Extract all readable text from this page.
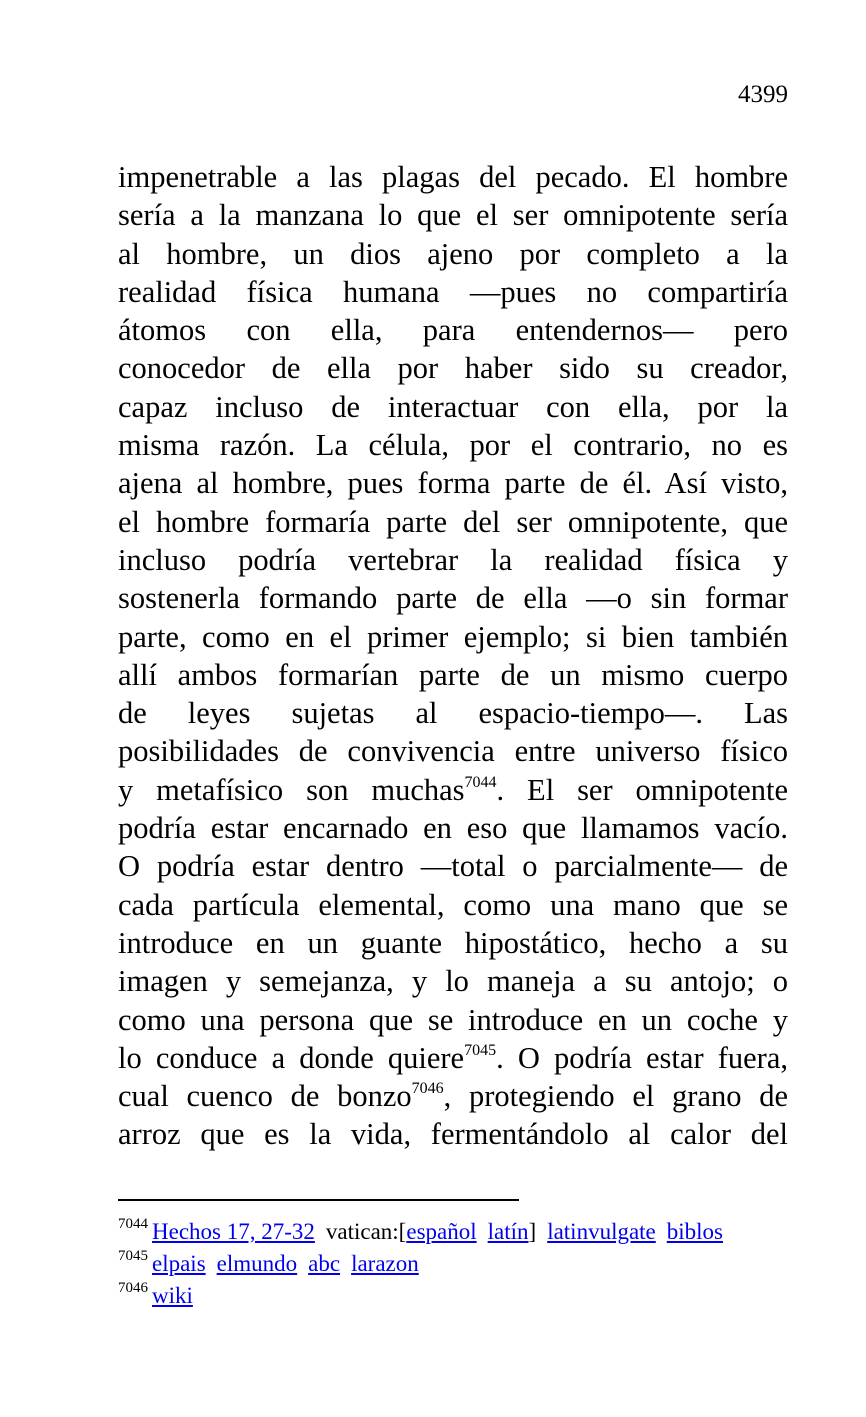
4399
impenetrable a las plagas del pecado. El hombre
sería a la manzana lo que el ser omnipotente sería
al hombre, un dios ajeno por completo a la
realidad física humana —pues no compartiría
átomos con ella, para entendernos— pero
conocedor de ella por haber sido su creador,
capaz incluso de interactuar con ella, por la
misma razón. La célula, por el contrario, no es
ajena al hombre, pues forma parte de él. Así visto,
el hombre formaría parte del ser omnipotente, que
incluso podría vertebrar la realidad física y
sostenerla formando parte de ella —o sin formar
parte, como en el primer ejemplo; si bien también
allí ambos formarían parte de un mismo cuerpo
de leyes sujetas al espacio-tiempo—. Las
posibilidades de convivencia entre universo físico
y metafísico son muchas$^{7044}$. El ser omnipotente
podría estar encarnado en eso que llamamos vacío.
O podría estar dentro —total o parcialmente— de
cada partícula elemental, como una mano que se
introduce en un guante hipostático, hecho a su
imagen y semejanza, y lo maneja a su antojo; o
como una persona que se introduce en un coche y
lo conduce a donde quiere$^{7045}$. O podría estar fuera,
cual cuenco de bonzo$^{7046}$, protegiendo el grano de
arroz que es la vida, fermentándolo al calor del
$^{7044}$ Hechos 17, 27-32 vatican:[español latín] latinvulgate biblos
$^{7045}$ elpais elmundo abc larazon
$^{7046}$ wiki
